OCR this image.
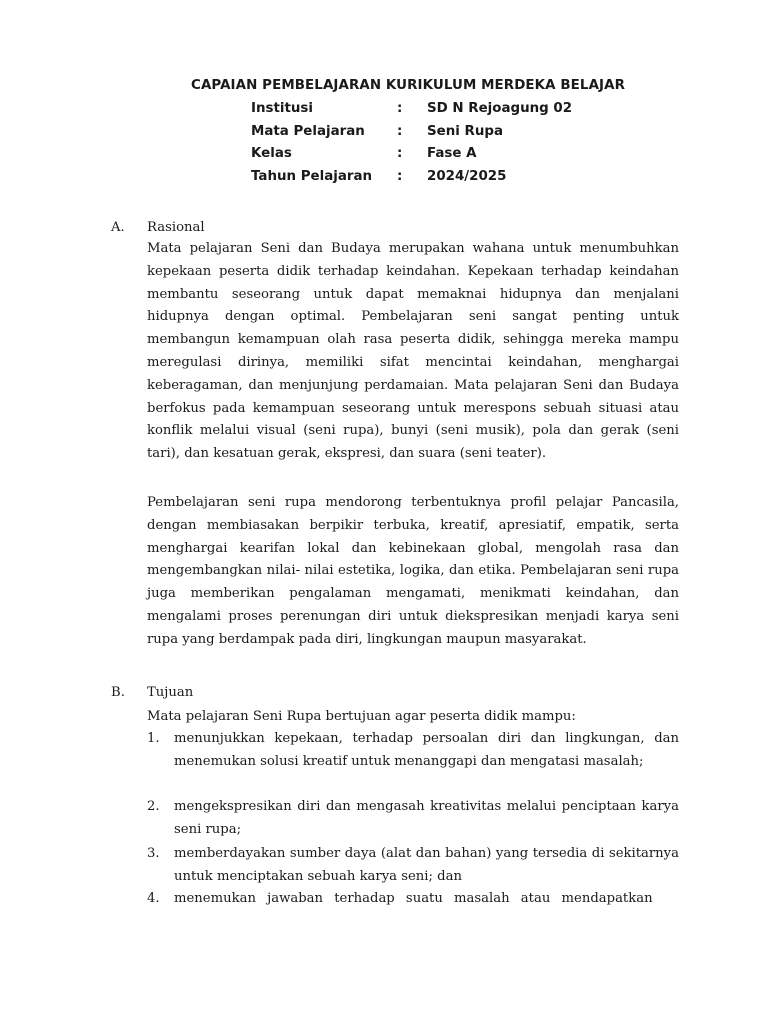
CAPAIAN PEMBELAJARAN KURIKULUM MERDEKA BELAJAR
Institusi	: SD N Rejoagung 02
Mata Pelajaran : Seni Rupa
Kelas	: Fase A
Tahun Pelajaran : 2024/2025
A. Rasional

Mata pelajaran Seni dan Budaya merupakan wahana untuk menumbuhkan kepekaan peserta didik terhadap keindahan. Kepekaan terhadap keindahan membantu seseorang untuk dapat memaknai hidupnya dan menjalani hidupnya dengan optimal. Pembelajaran seni sangat penting untuk membangun kemampuan olah rasa peserta didik, sehingga mereka mampu meregulasi dirinya, memiliki sifat mencintai keindahan, menghargai keberagaman, dan menjunjung perdamaian. Mata pelajaran Seni dan Budaya berfokus pada kemampuan seseorang untuk merespons sebuah situasi atau konflik melalui visual (seni rupa), bunyi (seni musik), pola dan gerak (seni tari), dan kesatuan gerak, ekspresi, dan suara (seni teater).

Pembelajaran seni rupa mendorong terbentuknya profil pelajar Pancasila, dengan membiasakan berpikir terbuka, kreatif, apresiatif, empatik, serta menghargai kearifan lokal dan kebinekaan global, mengolah rasa dan mengembangkan nilai- nilai estetika, logika, dan etika. Pembelajaran seni rupa juga memberikan pengalaman mengamati, menikmati keindahan, dan mengalami proses perenungan diri untuk diekspresikan menjadi karya seni rupa yang berdampak pada diri, lingkungan maupun masyarakat.

B. Tujuan
Mata pelajaran Seni Rupa bertujuan agar peserta didik mampu:
1. menunjukkan kepekaan, terhadap persoalan diri dan lingkungan, dan menemukan solusi kreatif untuk menanggapi dan mengatasi masalah;

2. mengekspresikan diri dan mengasah kreativitas melalui penciptaan karya seni rupa;

3. memberdayakan sumber daya (alat dan bahan) yang tersedia di sekitarnya untuk menciptakan sebuah karya seni; dan

4. menemukan jawaban terhadap suatu masalah atau mendapatkan
